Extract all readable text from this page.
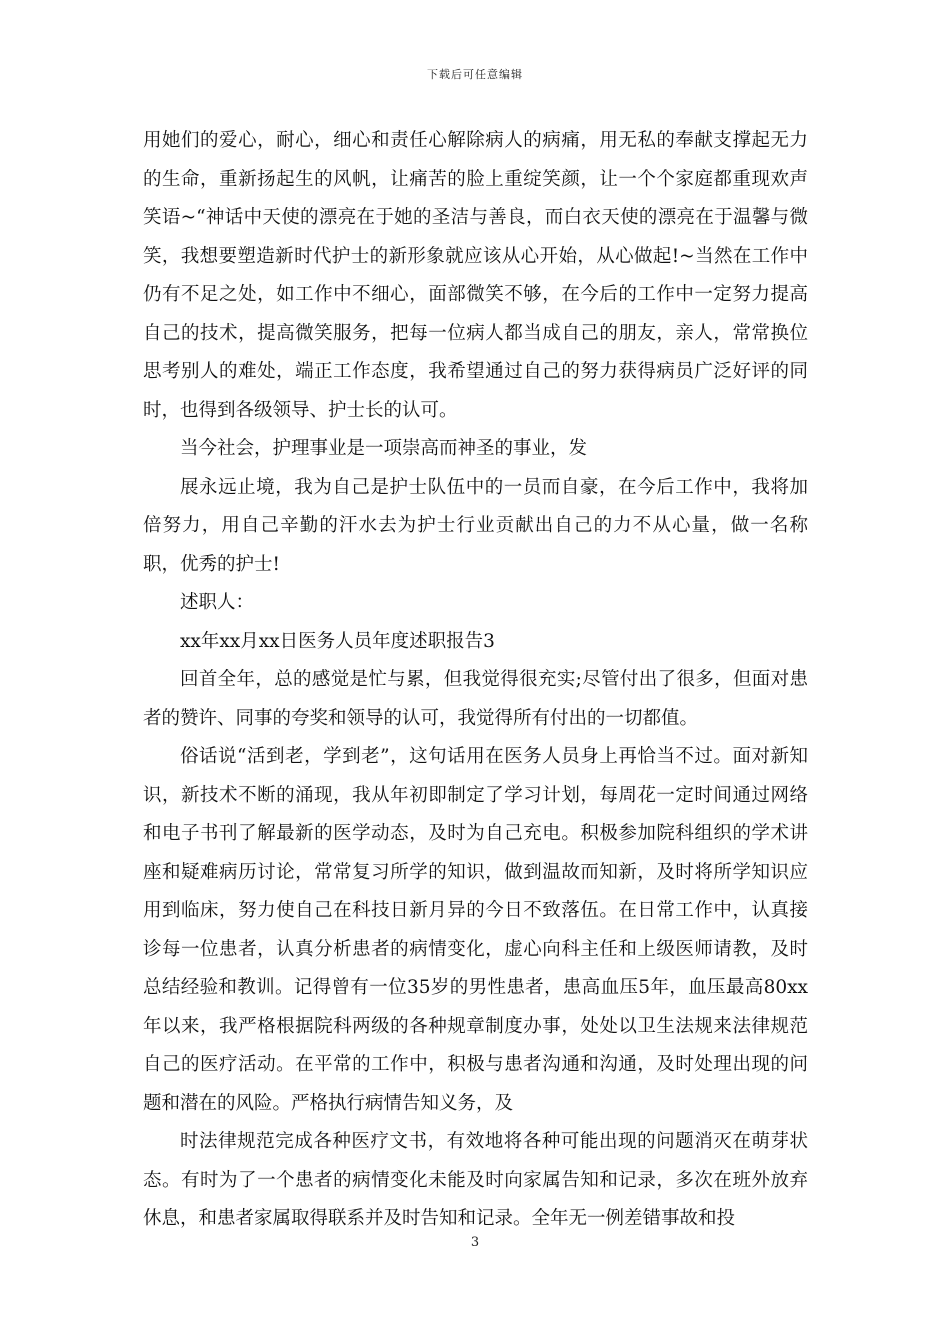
下载后可任意编辑

用她们的爱心，耐心，细心和责任心解除病人的病痛，用无私的奉献支撑起无力的生命，重新扬起生的风帆，让痛苦的脸上重绽笑颜，让一个个家庭都重现欢声笑语~“神话中天使的漂亮在于她的圣洁与善良，而白衣天使的漂亮在于温馨与微笑，我想要塑造新时代护士的新形象就应该从心开始，从心做起!~当然在工作中仍有不足之处，如工作中不细心，面部微笑不够，在今后的工作中一定努力提高自己的技术，提高微笑服务，把每一位病人都当成自己的朋友，亲人，常常换位思考别人的难处，端正工作态度，我希望通过自己的努力获得病员广泛好评的同时，也得到各级领导、护士长的认可。

当今社会，护理事业是一项崇高而神圣的事业，发

展永远止境，我为自己是护士队伍中的一员而自豪，在今后工作中，我将加倍努力，用自己辛勤的汗水去为护士行业贡献出自己的力不从心量，做一名称职，优秀的护士!

述职人：

xx年xx月xx日医务人员年度述职报告3

回首全年，总的感觉是忙与累，但我觉得很充实;尽管付出了很多，但面对患者的赞许、同事的夸奖和领导的认可，我觉得所有付出的一切都值。

俗话说“活到老，学到老”，这句话用在医务人员身上再恰当不过。面对新知识，新技术不断的涌现，我从年初即制定了学习计划，每周花一定时间通过网络和电子书刊了解最新的医学动态，及时为自己充电。积极参加院科组织的学术讲座和疑难病历讨论，常常复习所学的知识，做到温故而知新，及时将所学知识应用到临床，努力使自己在科技日新月异的今日不致落伍。在日常工作中，认真接诊每一位患者，认真分析患者的病情变化，虚心向科主任和上级医师请教，及时总结经验和教训。记得曾有一位35岁的男性患者，患高血压5年，血压最高80xx年以来，我严格根据院科两级的各种规章制度办事，处处以卫生法规来法律规范自己的医疗活动。在平常的工作中，积极与患者沟通和沟通，及时处理出现的问题和潜在的风险。严格执行病情告知义务，及

时法律规范完成各种医疗文书，有效地将各种可能出现的问题消灭在萌芽状态。有时为了一个患者的病情变化未能及时向家属告知和记录，多次在班外放弃休息，和患者家属取得联系并及时告知和记录。全年无一例差错事故和投

3
